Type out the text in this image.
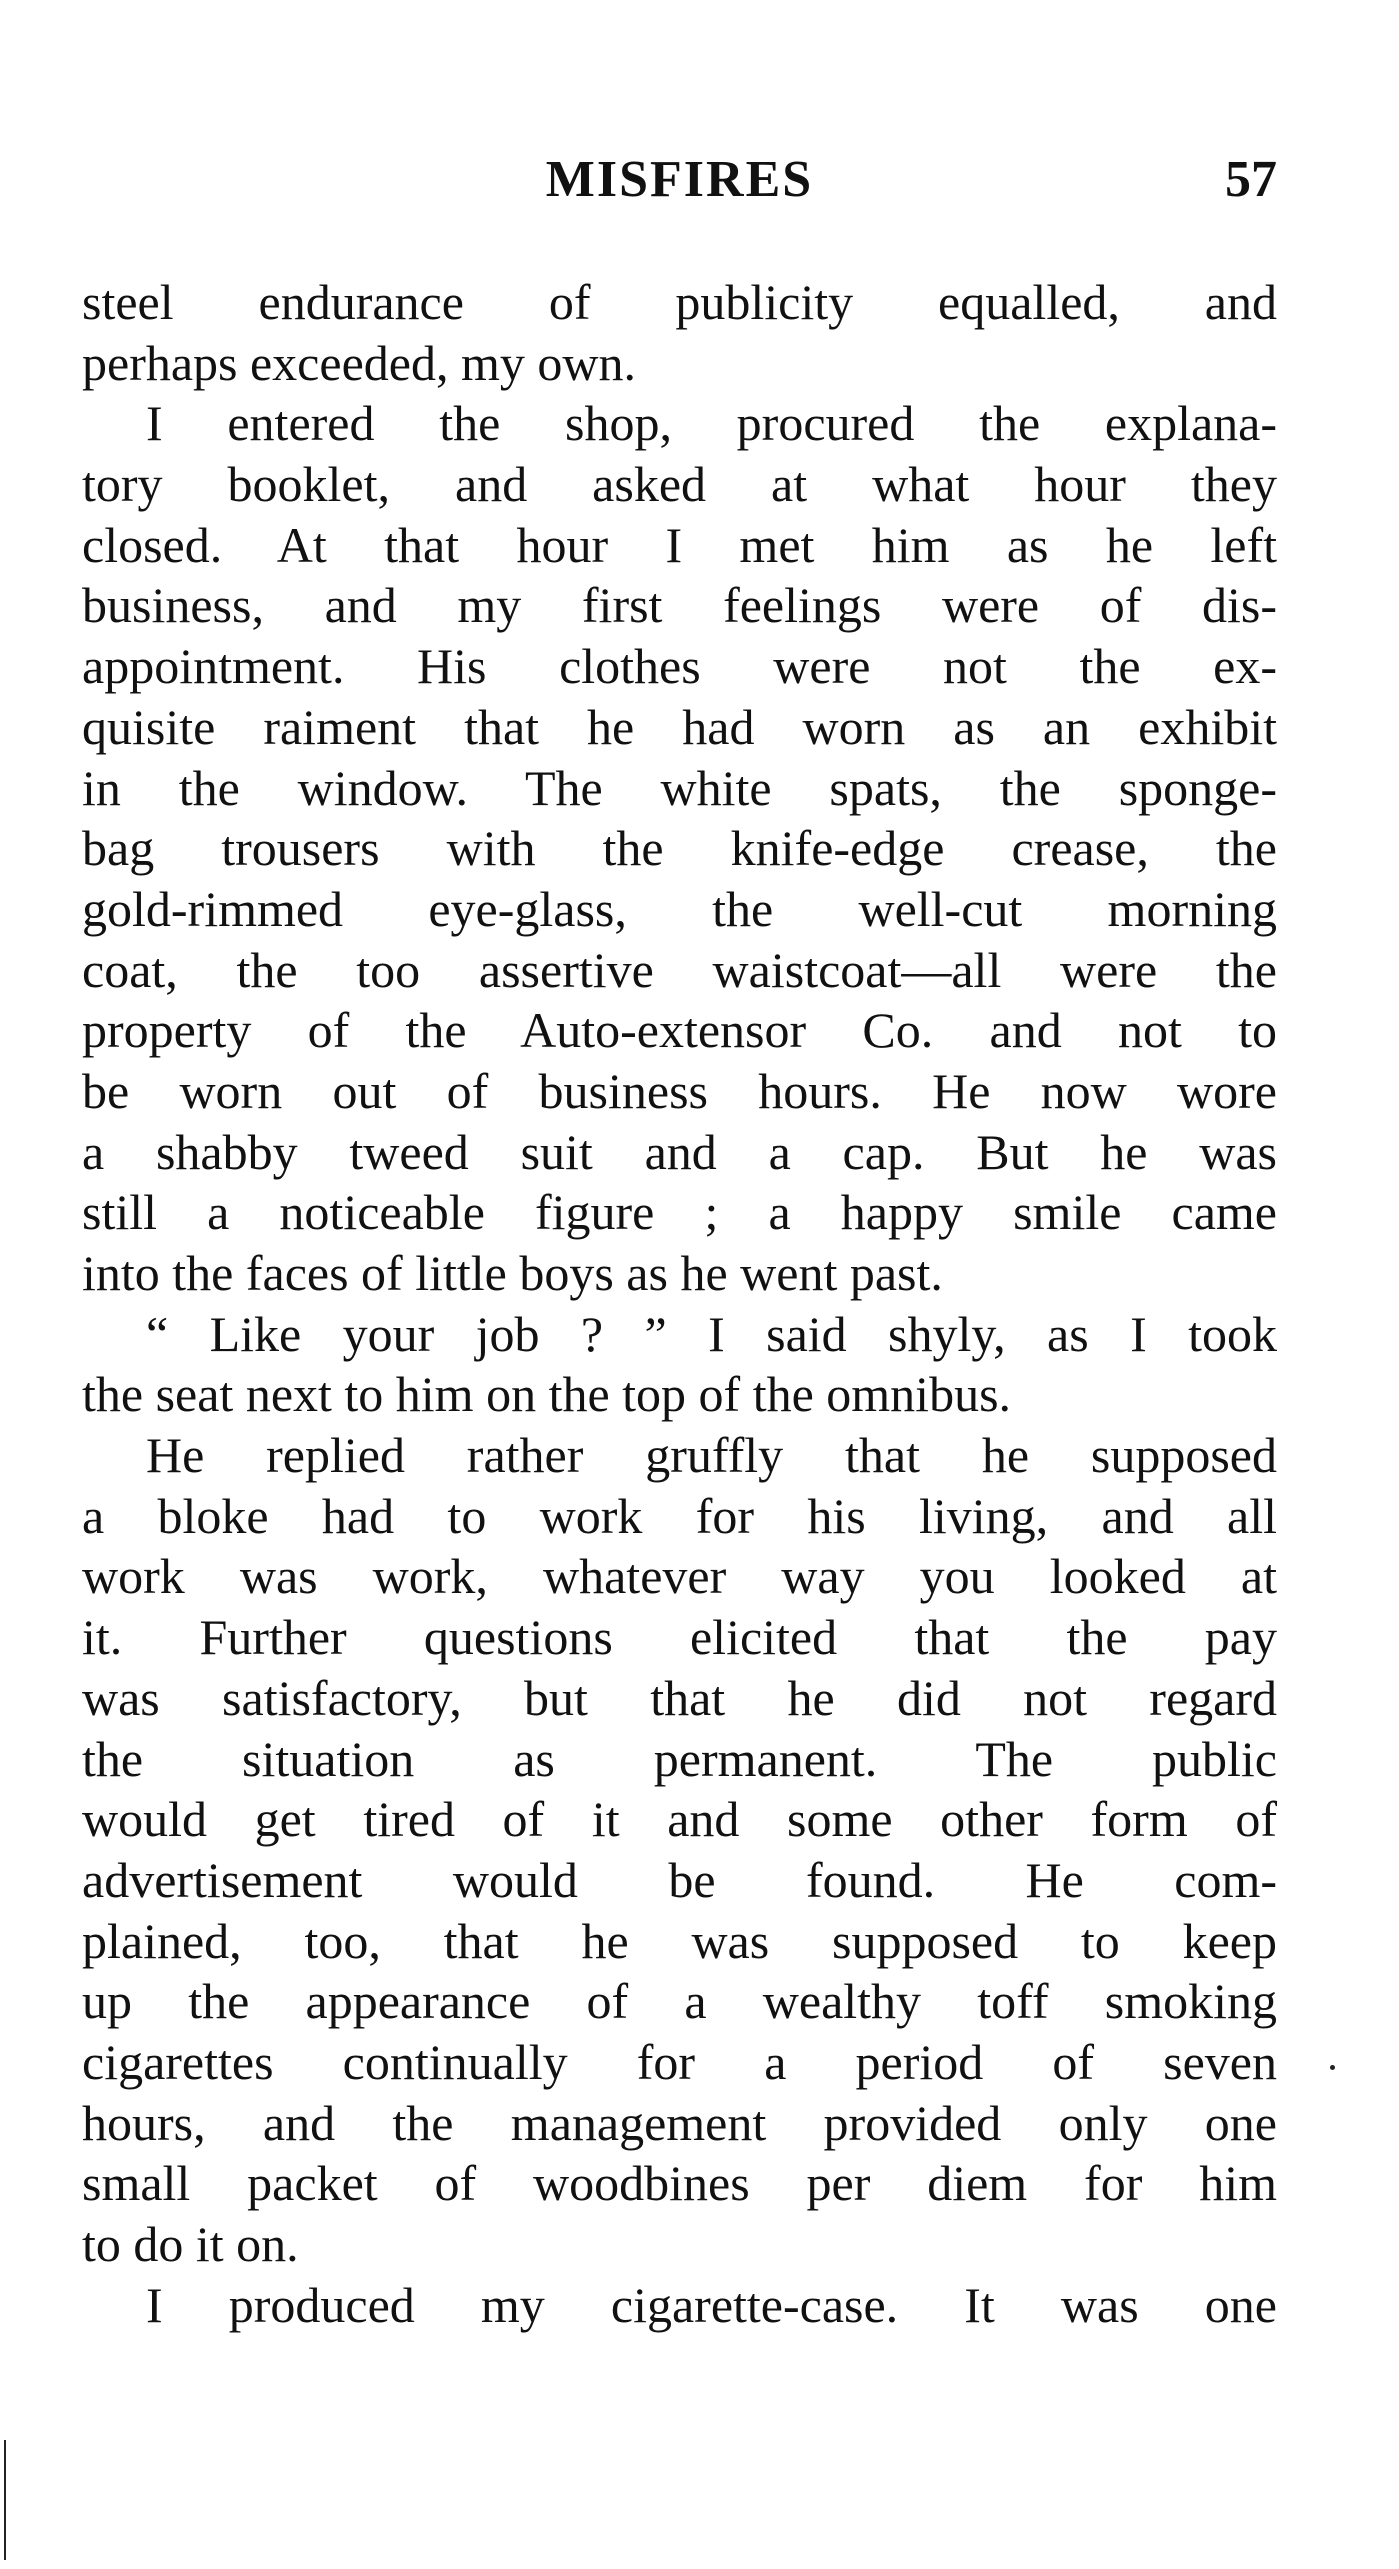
MISFIRES	57
steel endurance of publicity equalled, and
perhaps exceeded, my own.
I entered the shop, procured the explana-
tory booklet, and asked at what hour they
closed. At that hour I met him as he left
business, and my first feelings were of dis-
appointment. His clothes were not the ex-
quisite raiment that he had worn as an exhibit
in the window. The white spats, the sponge-
bag trousers with the knife-edge crease, the
gold-rimmed eye-glass, the well-cut morning
coat, the too assertive waistcoat—all were the
property of the Auto-extensor Co. and not to
be worn out of business hours. He now wore
a shabby tweed suit and a cap. But he was
still a noticeable figure ; a happy smile came
into the faces of little boys as he went past.
“ Like your job ? ” I said shyly, as I took
the seat next to him on the top of the omnibus.
He replied rather gruffly that he supposed
a bloke had to work for his living, and all
work was work, whatever way you looked at
it. Further questions elicited that the pay
was satisfactory, but that he did not regard
the situation as permanent. The public
would get tired of it and some other form of
advertisement would be found. He com-
plained, too, that he was supposed to keep
up the appearance of a wealthy toff smoking
cigarettes continually for a period of seven
hours, and the management provided only one
small packet of woodbines per diem for him
to do it on.
I produced my cigarette-case. It was one
